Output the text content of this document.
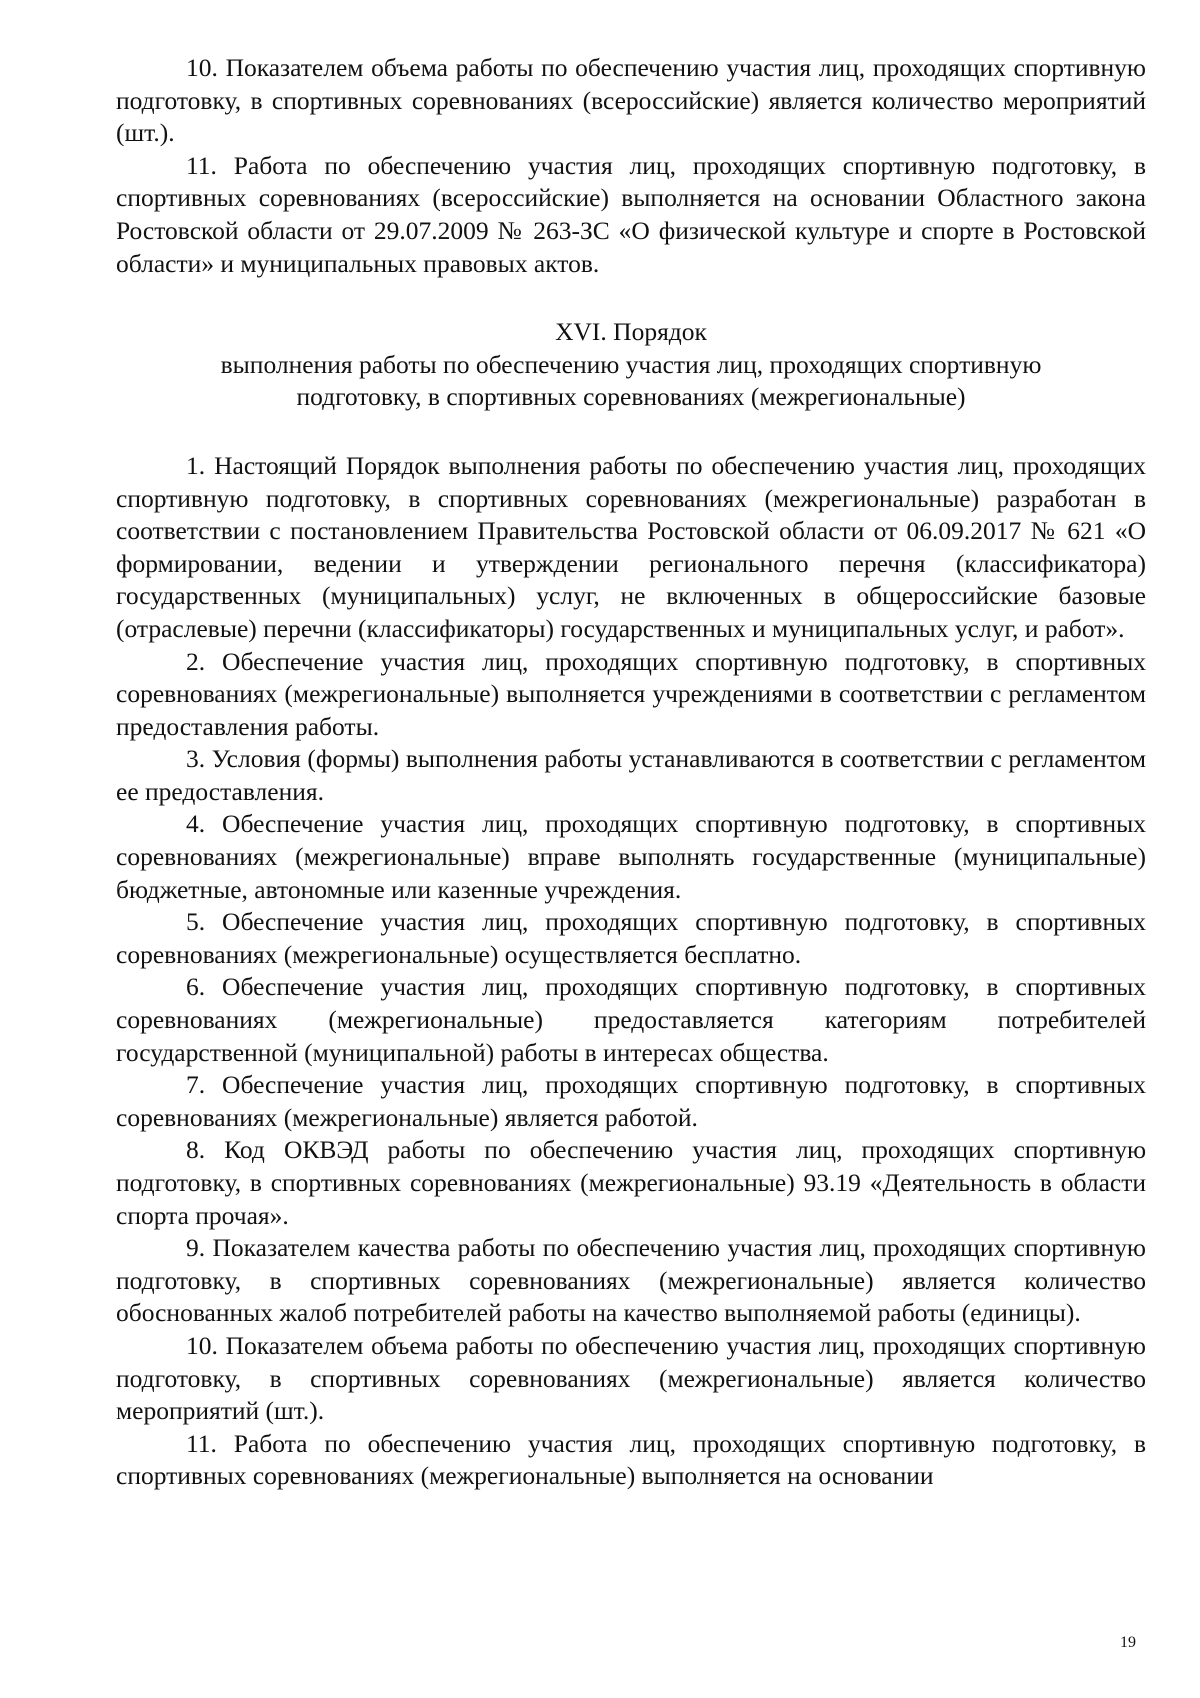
10. Показателем объема работы по обеспечению участия лиц, проходящих спортивную подготовку, в спортивных соревнованиях (всероссийские) является количество мероприятий (шт.).

11. Работа по обеспечению участия лиц, проходящих спортивную подготовку, в спортивных соревнованиях (всероссийские) выполняется на основании Областного закона Ростовской области от 29.07.2009 № 263-ЗС «О физической культуре и спорте в Ростовской области» и муниципальных правовых актов.

XVI. Порядок
выполнения работы по обеспечению участия лиц, проходящих спортивную
подготовку, в спортивных соревнованиях (межрегиональные)

1. Настоящий Порядок выполнения работы по обеспечению участия лиц, проходящих спортивную подготовку, в спортивных соревнованиях (межрегиональные) разработан в соответствии с постановлением Правительства Ростовской области от 06.09.2017 № 621 «О формировании, ведении и утверждении регионального перечня (классификатора) государственных (муниципальных) услуг, не включенных в общероссийские базовые (отраслевые) перечни (классификаторы) государственных и муниципальных услуг, и работ».

2. Обеспечение участия лиц, проходящих спортивную подготовку, в спортивных соревнованиях (межрегиональные) выполняется учреждениями в соответствии с регламентом предоставления работы.

3. Условия (формы) выполнения работы устанавливаются в соответствии с регламентом ее предоставления.

4. Обеспечение участия лиц, проходящих спортивную подготовку, в спортивных соревнованиях (межрегиональные) вправе выполнять государственные (муниципальные) бюджетные, автономные или казенные учреждения.

5. Обеспечение участия лиц, проходящих спортивную подготовку, в спортивных соревнованиях (межрегиональные) осуществляется бесплатно.

6. Обеспечение участия лиц, проходящих спортивную подготовку, в спортивных соревнованиях (межрегиональные) предоставляется категориям потребителей государственной (муниципальной) работы в интересах общества.

7. Обеспечение участия лиц, проходящих спортивную подготовку, в спортивных соревнованиях (межрегиональные) является работой.

8. Код ОКВЭД работы по обеспечению участия лиц, проходящих спортивную подготовку, в спортивных соревнованиях (межрегиональные) 93.19 «Деятельность в области спорта прочая».

9. Показателем качества работы по обеспечению участия лиц, проходящих спортивную подготовку, в спортивных соревнованиях (межрегиональные) является количество обоснованных жалоб потребителей работы на качество выполняемой работы (единицы).

10. Показателем объема работы по обеспечению участия лиц, проходящих спортивную подготовку, в спортивных соревнованиях (межрегиональные) является количество мероприятий (шт.).

11. Работа по обеспечению участия лиц, проходящих спортивную подготовку, в спортивных соревнованиях (межрегиональные) выполняется на основании

19
